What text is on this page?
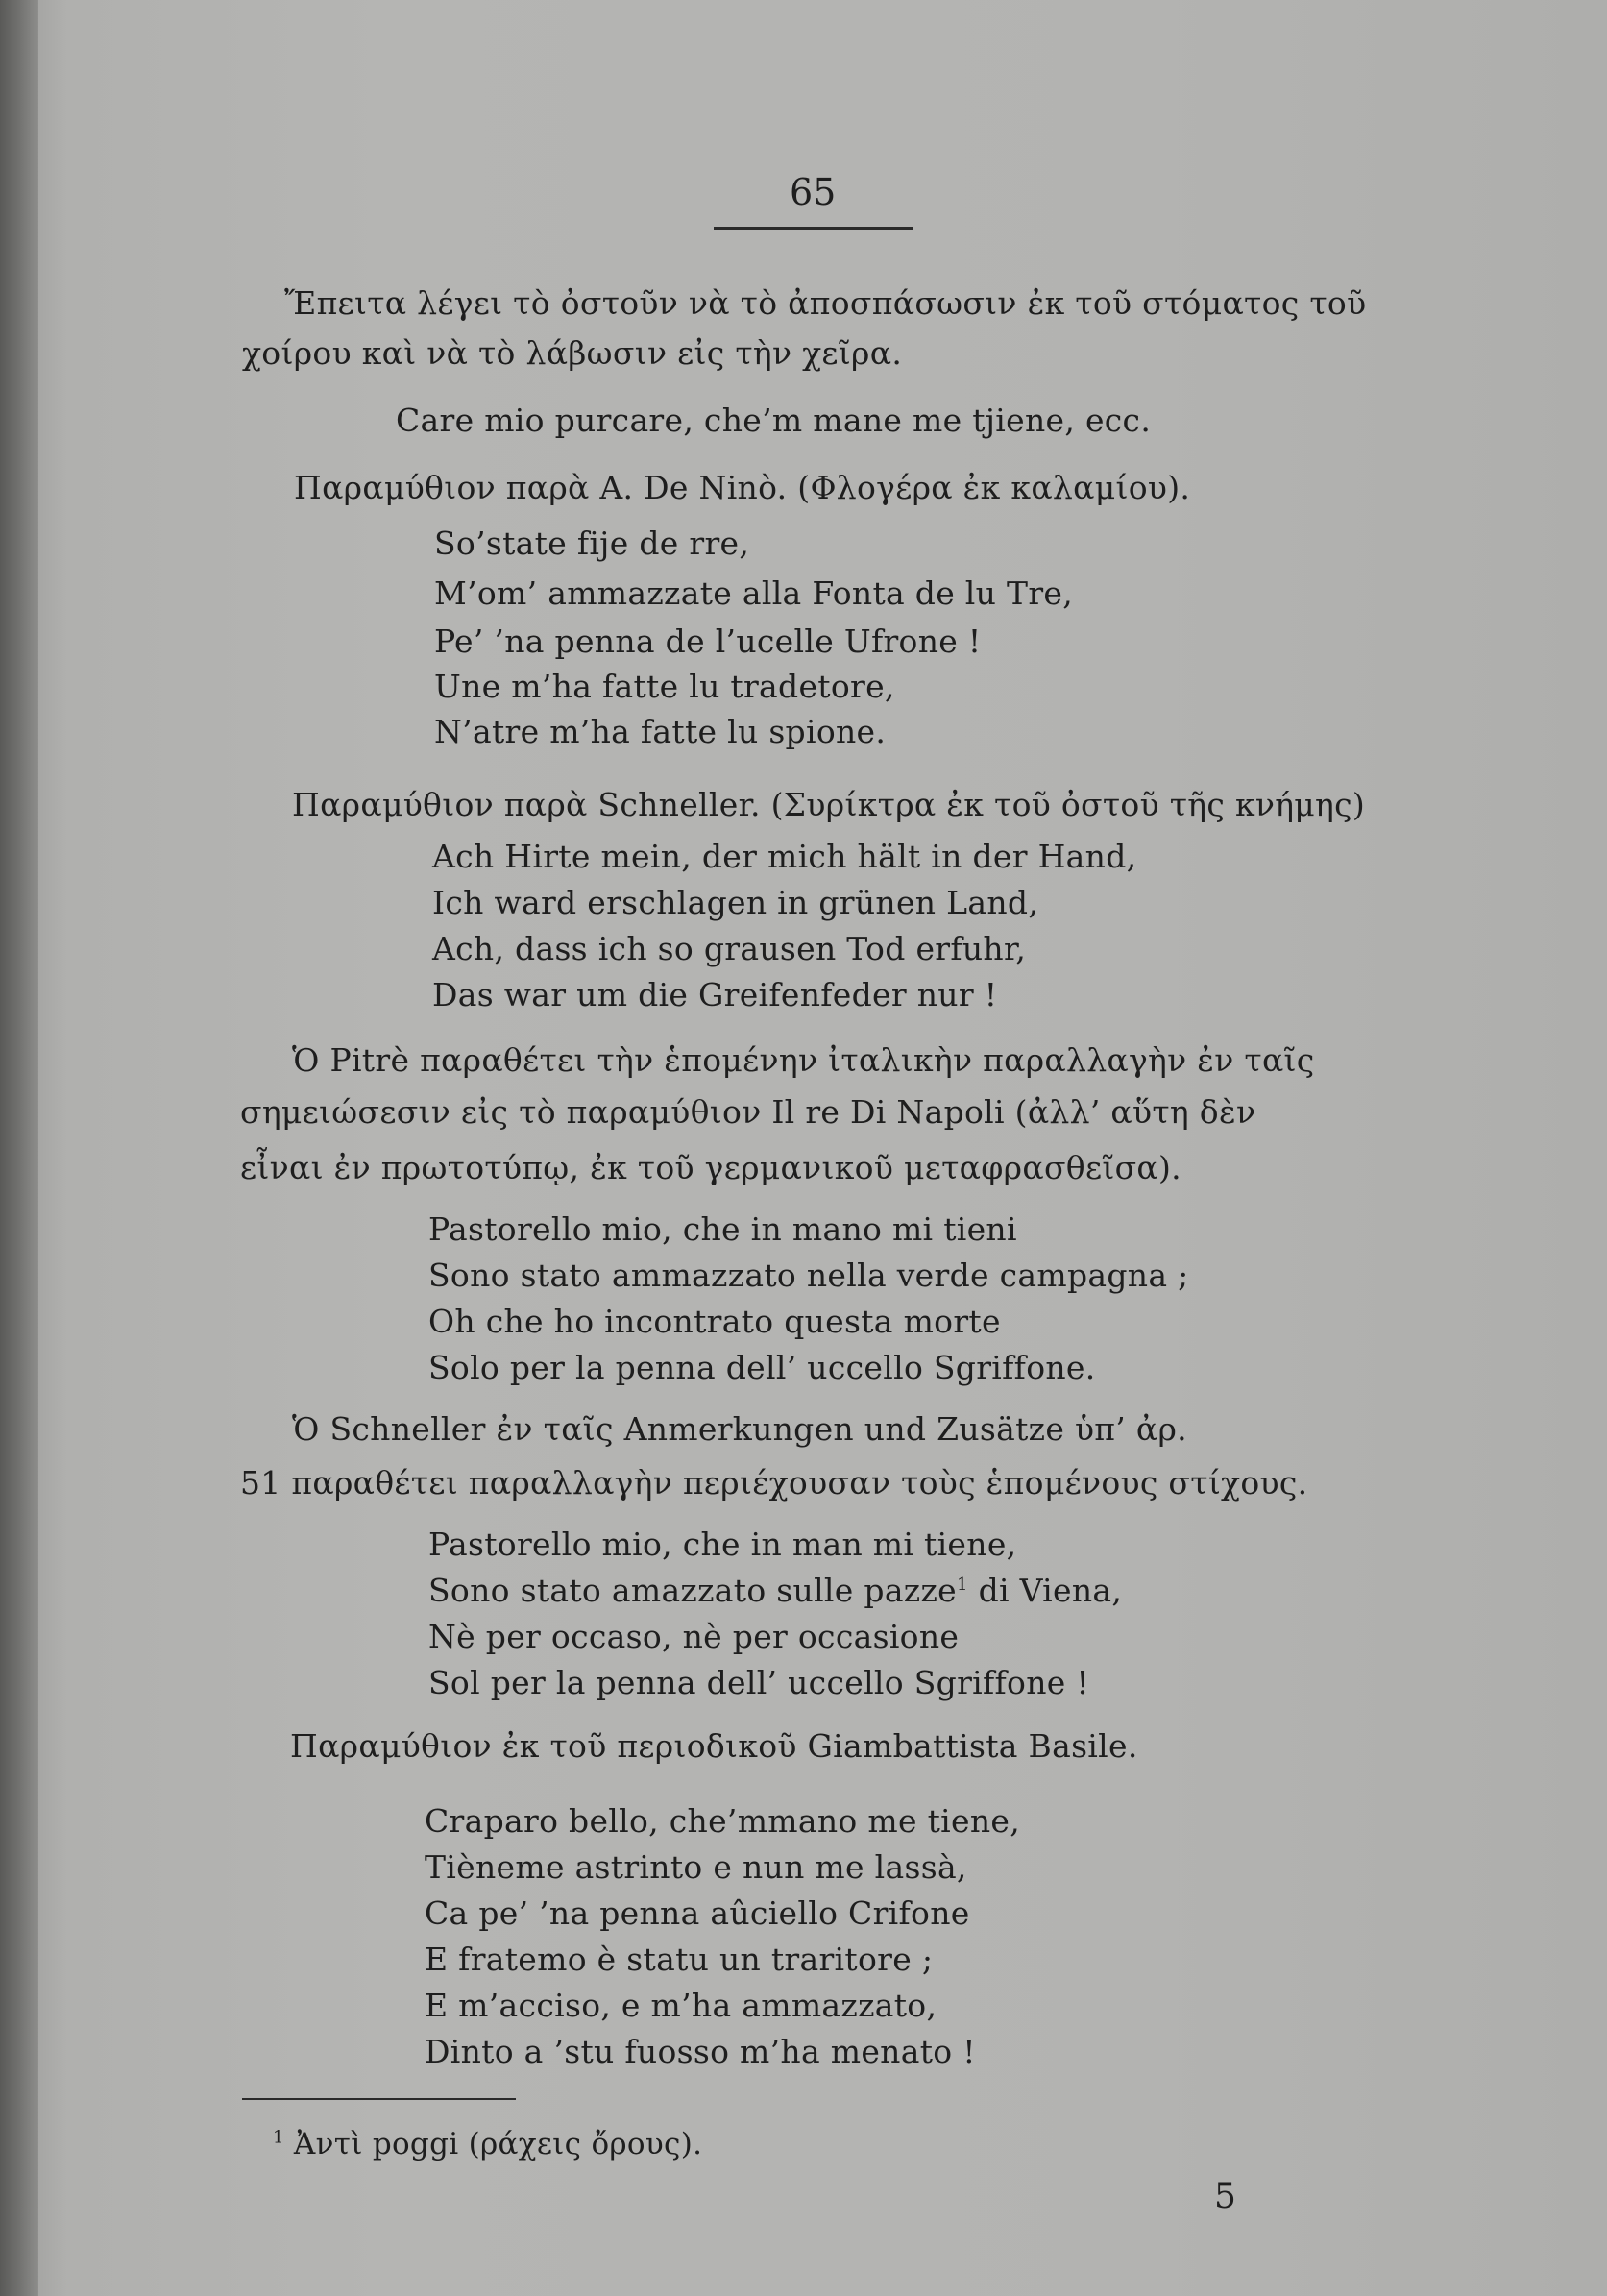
65
Ἔπειτα λέγει τὸ ὀστοῦν νὰ τὸ ἀποσπάσωσιν ἐκ τοῦ στόματος τοῦ
χοίρου καὶ νὰ τὸ λάβωσιν εἰς τὴν χεῖρα.
Care mio purcare, che’m mane me tjiene, ecc.
Παραμύθιον παρὰ A. De Ninò. (Φλογέρα ἐκ καλαμίου).
So’state fije de rre,
M’om’ ammazzate alla Fonta de lu Tre,
Pe’ ’na penna de l’ucelle Ufrone !
Une m’ha fatte lu tradetore,
N’atre m’ha fatte lu spione.
Παραμύθιον παρὰ Schneller. (Συρίκτρα ἐκ τοῦ ὀστοῦ τῆς κνήμης)
Ach Hirte mein, der mich hält in der Hand,
Ich ward erschlagen in grünen Land,
Ach, dass ich so grausen Tod erfuhr,
Das war um die Greifenfeder nur !
Ὁ Pitrè παραθέτει τὴν ἑπομένην ἰταλικὴν παραλλαγὴν ἐν ταῖς
σημειώσεσιν εἰς τὸ παραμύθιον Il re Di Napoli (ἀλλ’ αὕτη δὲν
εἶναι ἐν πρωτοτύπῳ, ἐκ τοῦ γερμανικοῦ μεταφρασθεῖσα).
Pastorello mio, che in mano mi tieni
Sono stato ammazzato nella verde campagna ;
Oh che ho incontrato questa morte
Solo per la penna dell’ uccello Sgriffone.
Ὁ Schneller ἐν ταῖς Anmerkungen und Zusätze ὑπ’ ἀρ.
51 παραθέτει παραλλαγὴν περιέχουσαν τοὺς ἑπομένους στίχους.
Pastorello mio, che in man mi tiene,
Sono stato amazzato sulle pazze$^1$ di Viena,
Nè per occaso, nè per occasione
Sol per la penna dell’ uccello Sgriffone !
Παραμύθιον ἐκ τοῦ περιοδικοῦ Giambattista Basile.
Craparo bello, che’mmano me tiene,
Tièneme astrinto e nun me lassà,
Ca pe’ ’na penna aûciello Crifone
E fratemo è statu un traritore ;
E m’acciso, e m’ha ammazzato,
Dinto a ’stu fuosso m’ha menato !
$^1$ Ἀντὶ poggi (ράχεις ὄρους).
5
